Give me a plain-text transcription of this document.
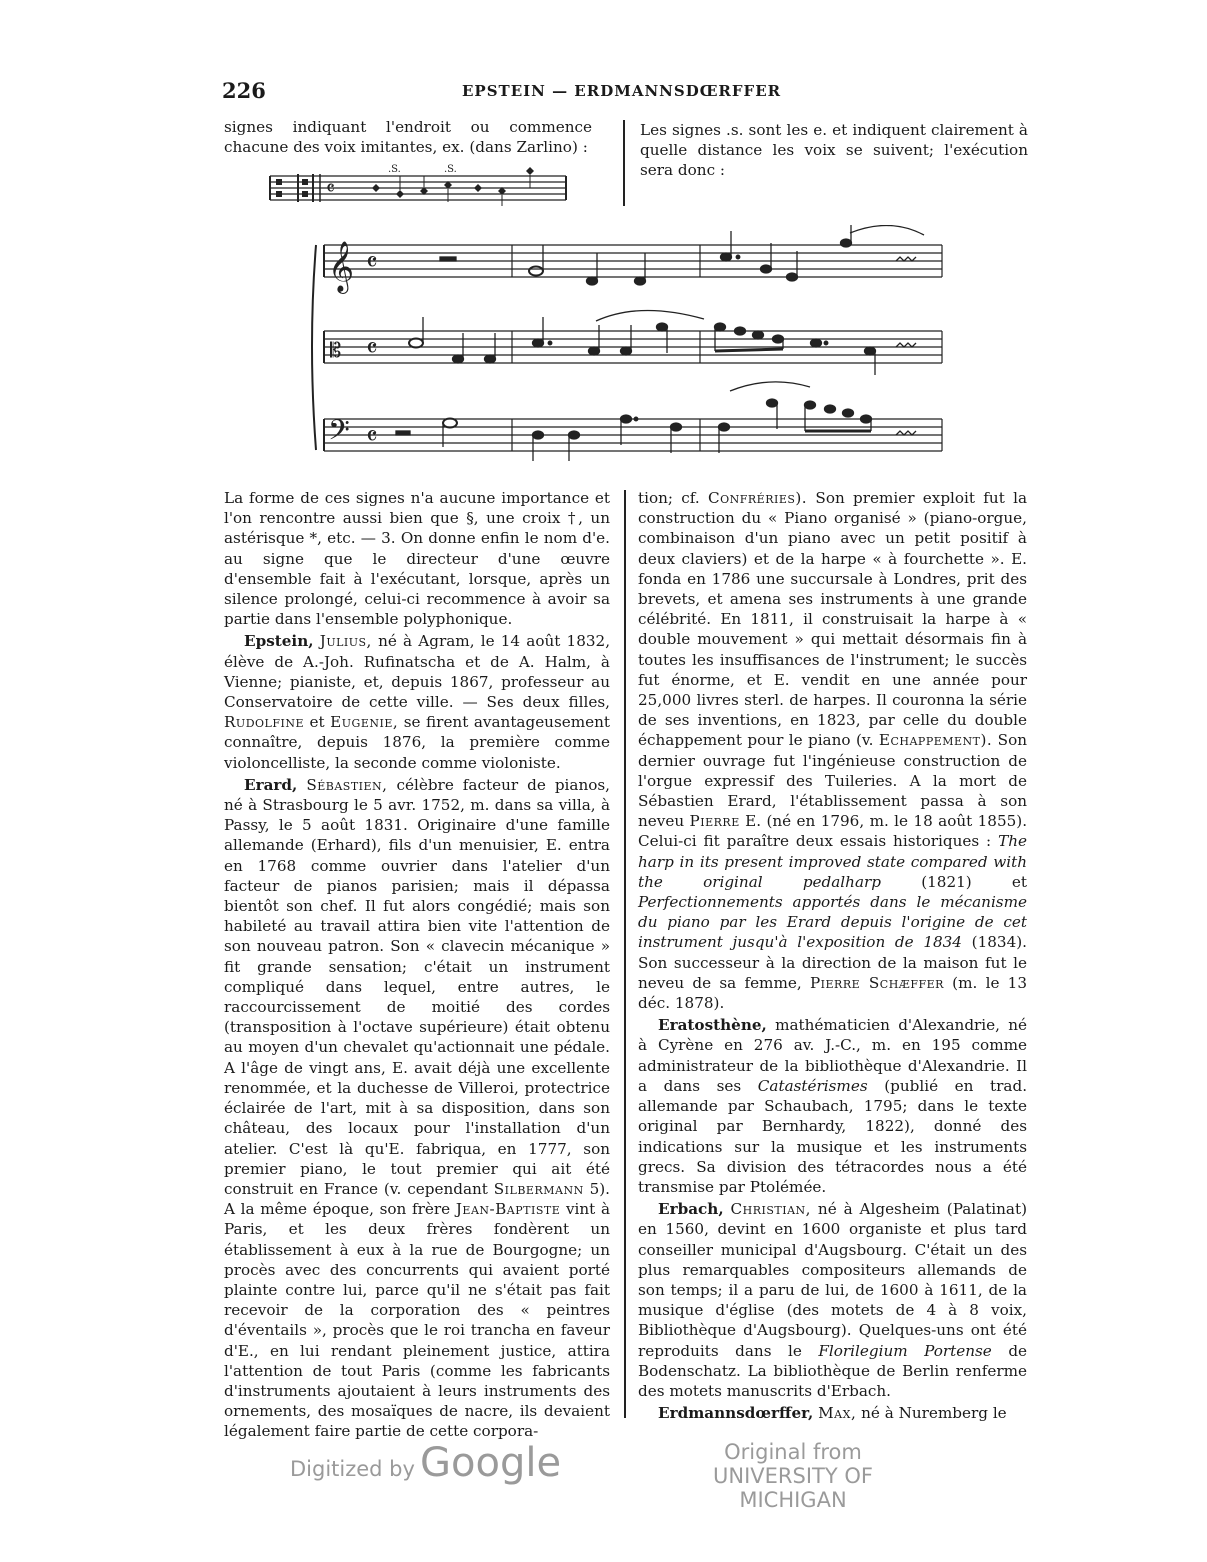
226	EPSTEIN — ERDMANNSDŒRFFER

signes indiquant l'endroit ou commence chacune des voix imitantes, ex. (dans Zarlino) :

Les signes .s. sont les e. et indiquent clairement à quelle distance les voix se suivent; l'exécution sera donc :

𝄴
.S.	.S.
𝄞 𝄴
𝄡 𝄴
𝄢 𝄴

La forme de ces signes n'a aucune importance et l'on rencontre aussi bien que §, une croix †, un astérisque *, etc. — 3. On donne enfin le nom d'e. au signe que le directeur d'une œuvre d'ensemble fait à l'exécutant, lorsque, après un silence prolongé, celui-ci recommence à avoir sa partie dans l'ensemble polyphonique.

Epstein, Julius, né à Agram, le 14 août 1832, élève de A.-Joh. Rufinatscha et de A. Halm, à Vienne; pianiste, et, depuis 1867, professeur au Conservatoire de cette ville. — Ses deux filles, Rudolfine et Eugenie, se firent avantageusement connaître, depuis 1876, la première comme violoncelliste, la seconde comme violoniste.

Erard, Sébastien, célèbre facteur de pianos, né à Strasbourg le 5 avr. 1752, m. dans sa villa, à Passy, le 5 août 1831. Originaire d'une famille allemande (Erhard), fils d'un menuisier, E. entra en 1768 comme ouvrier dans l'atelier d'un facteur de pianos parisien; mais il dépassa bientôt son chef. Il fut alors congédié; mais son habileté au travail attira bien vite l'attention de son nouveau patron. Son « clavecin mécanique » fit grande sensation; c'était un instrument compliqué dans lequel, entre autres, le raccourcissement de moitié des cordes (transposition à l'octave supérieure) était obtenu au moyen d'un chevalet qu'actionnait une pédale. A l'âge de vingt ans, E. avait déjà une excellente renommée, et la duchesse de Villeroi, protectrice éclairée de l'art, mit à sa disposition, dans son château, des locaux pour l'installation d'un atelier. C'est là qu'E. fabriqua, en 1777, son premier piano, le tout premier qui ait été construit en France (v. cependant Silbermann 5). A la même époque, son frère Jean-Baptiste vint à Paris, et les deux frères fondèrent un établissement à eux à la rue de Bourgogne; un procès avec des concurrents qui avaient porté plainte contre lui, parce qu'il ne s'était pas fait recevoir de la corporation des « peintres d'éventails », procès que le roi trancha en faveur d'E., en lui rendant pleinement justice, attira l'attention de tout Paris (comme les fabricants d'instruments ajoutaient à leurs instruments des ornements, des mosaïques de nacre, ils devaient légalement faire partie de cette corpora-

tion; cf. Confréries). Son premier exploit fut la construction du « Piano organisé » (piano-orgue, combinaison d'un piano avec un petit positif à deux claviers) et de la harpe « à fourchette ». E. fonda en 1786 une succursale à Londres, prit des brevets, et amena ses instruments à une grande célébrité. En 1811, il construisait la harpe à « double mouvement » qui mettait désormais fin à toutes les insuffisances de l'instrument; le succès fut énorme, et E. vendit en une année pour 25,000 livres sterl. de harpes. Il couronna la série de ses inventions, en 1823, par celle du double échappement pour le piano (v. Echappement). Son dernier ouvrage fut l'ingénieuse construction de l'orgue expressif des Tuileries. A la mort de Sébastien Erard, l'établissement passa à son neveu Pierre E. (né en 1796, m. le 18 août 1855). Celui-ci fit paraître deux essais historiques : The harp in its present improved state compared with the original pedalharp	(1821) et Perfectionnements apportés dans le mécanisme du piano par les Erard depuis l'origine de cet instrument jusqu'à l'exposition de 1834 (1834). Son successeur à la direction de la maison fut le neveu de sa femme, Pierre Schæffer (m. le 13 déc. 1878).

Eratosthène, mathématicien d'Alexandrie, né à Cyrène en 276 av. J.-C., m. en 195 comme administrateur de la bibliothèque d'Alexandrie. Il a dans ses Catastérismes (publié en trad. allemande par Schaubach, 1795; dans le texte original par Bernhardy, 1822), donné des indications sur la musique et les instruments grecs. Sa division des tétracordes nous a été transmise par Ptolémée.

Erbach, Christian, né à Algesheim (Palatinat) en 1560, devint en 1600 organiste et plus tard conseiller municipal d'Augsbourg. C'était un des plus remarquables compositeurs allemands de son temps; il a paru de lui, de 1600 à 1611, de la musique d'église (des motets de 4 à 8 voix, Bibliothèque d'Augsbourg). Quelques-uns ont été reproduits dans le Florilegium Portense de Bodenschatz. La bibliothèque de Berlin renferme des motets manuscrits d'Erbach.

Erdmannsdœrffer, Max, né à Nuremberg le

Digitized by Google	Original from
UNIVERSITY OF MICHIGAN
